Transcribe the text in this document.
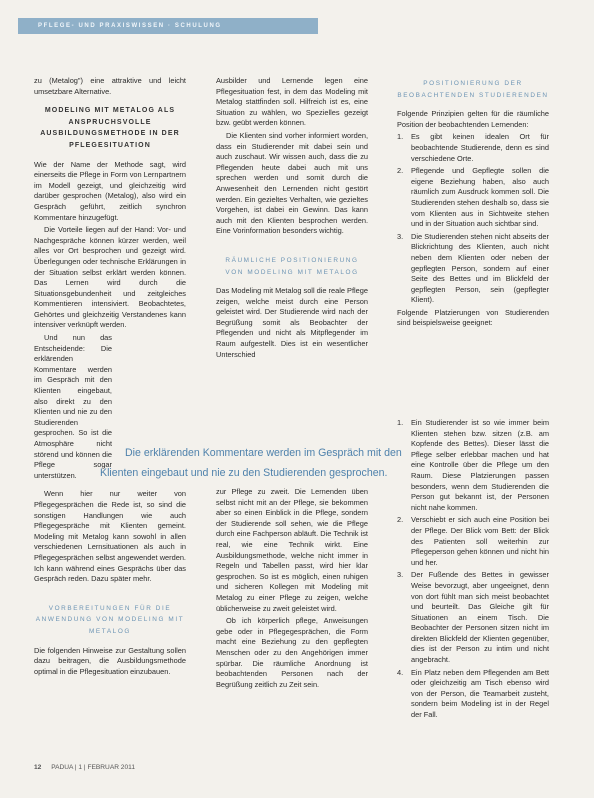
PFLEGE- UND PRAXISWISSEN · SCHULUNG

zu (Metalog") eine attraktive und leicht umsetzbare Alternative.

MODELING MIT METALOG ALS ANSPRUCHSVOLLE AUSBILDUNGSMETHODE IN DER PFLEGESITUATION

Wie der Name der Methode sagt, wird einerseits die Pflege in Form von Lernpartnern im Modell gezeigt, und gleichzeitig wird darüber gesprochen (Metalog), also wird ein Gespräch geführt, zeitlich synchron Kommentare hinzugefügt.

Die Vorteile liegen auf der Hand: Vor- und Nachgespräche können kürzer werden, weil alles vor Ort besprochen und gezeigt wird. Überlegungen oder technische Erklärungen in der Situation selbst erklärt werden können. Das Lernen wird durch die Situationsgebundenheit und zeitgleiches Kommentieren intensiviert. Beobachtetes, Gehörtes und gleichzeitig Verstandenes kann intensiver verknüpft werden.

Und nun das Entscheidende: Die erklärenden Kommentare werden im Gespräch mit den Klienten eingebaut, also direkt zu den Klienten und nie zu den Studierenden gesprochen. So ist die Atmosphäre nicht störend und können die Pflege sogar unterstützen.

Wenn hier nur weiter von Pflegegesprächen die Rede ist, so sind die sonstigen Handlungen wie auch Pflegegespräche mit Klienten gemeint. Modeling mit Metalog kann sowohl in allen verschiedenen Lernsituationen als auch in Pflegegesprächen selbst angewendet werden. Ich kann während eines Gesprächs über das Gespräch reden. Dazu später mehr.

VORBEREITUNGEN FÜR DIE ANWENDUNG VON MODELING MIT METALOG

Die folgenden Hinweise zur Gestaltung sollen dazu beitragen, die Ausbildungsmethode optimal in die Pflegesituation einzubauen.

Ausbilder und Lernende legen eine Pflegesituation fest, in dem das Modeling mit Metalog stattfinden soll. Hilfreich ist es, eine Situation zu wählen, wo Spezielles gezeigt bzw. geübt werden können.

Die Klienten sind vorher informiert worden, dass ein Studierender mit dabei sein und auch zuschaut. Wir wissen auch, dass die zu Pflegenden heute dabei auch mit uns sprechen werden und somit durch die Anwesenheit den Lernenden nicht gestört werden. Ein gezieltes Verhalten, wie gezieltes Vorgehen, ist dabei ein Gewinn. Das kann auch mit den Klienten besprochen werden. Eine Vorinformation besonders wichtig.

RÄUMLICHE POSITIONIERUNG VON MODELING MIT METALOG

Das Modeling mit Metalog soll die reale Pflege zeigen, welche meist durch eine Person geleistet wird. Der Studierende wird nach der Begrüßung somit als Beobachter der Pflegenden und nicht als Mitpflegender im Raum aufgestellt. Dies ist ein wesentlicher Unterschied

zur Pflege zu zweit. Die Lernenden üben selbst nicht mit an der Pflege, sie bekommen aber so einen Einblick in die Pflege, sondern der Studierende soll sehen, wie die Pflege durch eine Fachperson abläuft. Die Technik ist real, wie eine Technik wirkt. Eine Ausbildungsmethode, welche nicht immer in Regeln und Tabellen passt, wird hier klar gesprochen. So ist es möglich, einen ruhigen und sicheren Kollegen mit Modeling mit Metalog zu einer Pflege zu zeigen, welche üblicherweise zu zweit geleistet wird.

Ob ich körperlich pflege, Anweisungen gebe oder in Pflegegesprächen, die Form macht eine Beziehung zu den gepflegten Menschen oder zu den Angehörigen immer spürbar. Die räumliche Anordnung ist beobachtenden Personen nach der Begrüßung zeitlich zu Zeit sein.

POSITIONIERUNG DER BEOBACHTENDEN STUDIERENDEN

Folgende Prinzipien gelten für die räumliche Position der beobachtenden Lernenden:

1. Es gibt keinen idealen Ort für beobachtende Studierende, denn es sind verschiedene Orte.
2. Pflegende und Gepflegte sollen die eigene Beziehung haben, also auch räumlich zum Ausdruck kommen soll. Die Studierenden stehen deshalb so, dass sie vom Klienten aus in Sichtweite stehen und in der Situation auch sichtbar sind.
3. Die Studierenden stehen nicht abseits der Blickrichtung des Klienten, auch nicht neben dem Klienten oder neben der gepflegten Person, sondern auf einer Seite des Bettes und im Blickfeld der gepflegten Person, sein (gepflegter Klient).

Folgende Platzierungen von Studierenden sind beispielsweise geeignet:

1. Ein Studierender ist so wie immer beim Klienten stehen bzw. sitzen (z.B. am Kopfende des Bettes). Dieser lässt die Pflege selber erlebbar machen und hat eine Kontrolle über die Pflege um den Raum. Diese Platzierungen passen besonders, wenn dem Studierenden die Person gut bekannt ist, der Personen nicht nahe kommen.
2. Verschiebt er sich auch eine Position bei der Pflege. Der Blick vom Bett: der Blick des Patienten soll weiterhin zur Pflegeperson gehen können und nicht hin und her.
3. Der Fußende des Bettes in gewisser Weise bevorzugt, aber ungeeignet, denn von dort fühlt man sich meist beobachtet und beurteilt. Das Gleiche gilt für Situationen an einem Tisch. Die Beobachter der Personen sitzen nicht im direkten Blickfeld der Klienten gegenüber, dies ist der Person zu intim und nicht angebracht.
4. Ein Platz neben dem Pflegenden am Bett oder gleichzeitig am Tisch ebenso wird von der Person, die Teamarbeit zusteht, sondern beim Modeling ist in der Regel der Fall.

Die erklärenden Kommentare werden im Gespräch mit den

Klienten eingebaut und nie zu den Studierenden gesprochen.

12 PADUA | 1 | FEBRUAR 2011
